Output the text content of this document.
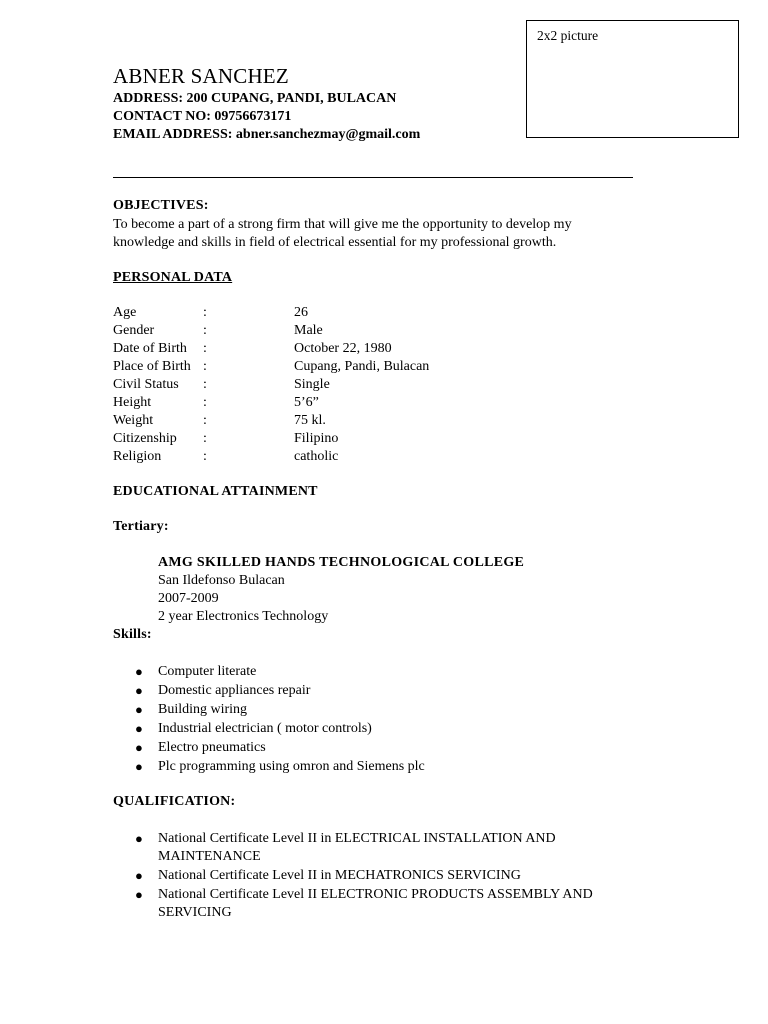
2x2 picture
ABNER SANCHEZ
ADDRESS: 200 CUPANG, PANDI, BULACAN
CONTACT NO: 09756673171
EMAIL ADDRESS: abner.sanchezmay@gmail.com
OBJECTIVES:
To become a part of a strong firm that will give me the opportunity to develop my
knowledge and skills in field of electrical essential for my professional growth.
PERSONAL DATA
Age	:	26
Gender	:	Male
Date of Birth :	October 22, 1980
Place of Birth :	Cupang, Pandi, Bulacan
Civil Status :	Single
Height	:	5’6”
Weight	:	75 kl.
Citizenship :	Filipino
Religion	:	catholic
EDUCATIONAL ATTAINMENT
Tertiary:
AMG SKILLED HANDS TECHNOLOGICAL COLLEGE
San Ildefonso Bulacan
2007-2009
2 year Electronics Technology
Skills:
● Computer literate
● Domestic appliances repair
● Building wiring
● Industrial electrician ( motor controls)
● Electro pneumatics
● Plc programming using omron and Siemens plc
QUALIFICATION:
● National Certificate Level II in ELECTRICAL INSTALLATION AND MAINTENANCE
● National Certificate Level II in MECHATRONICS SERVICING
● National Certificate Level II ELECTRONIC PRODUCTS ASSEMBLY AND SERVICING
